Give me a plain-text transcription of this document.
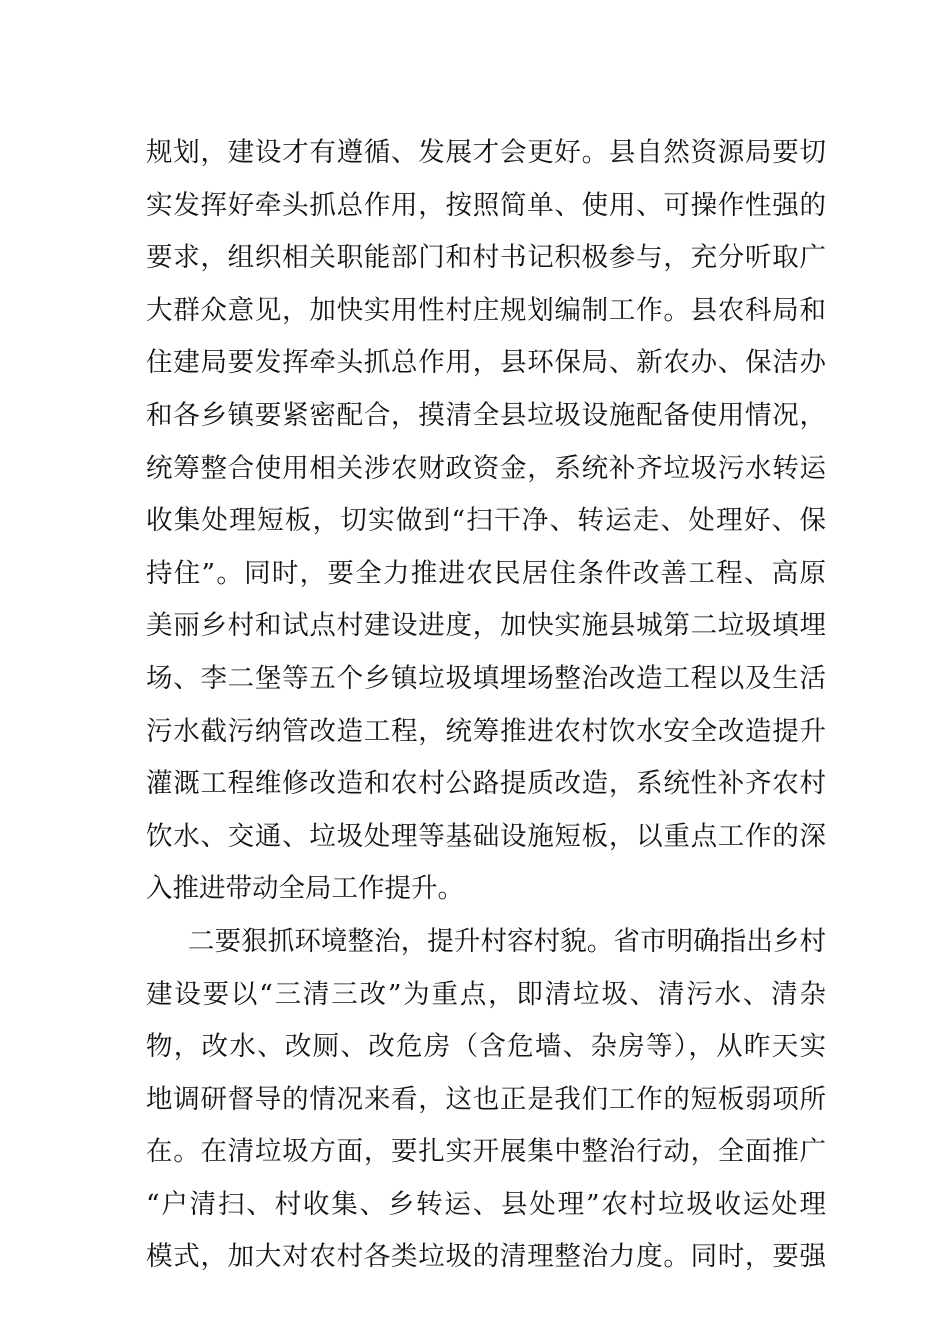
规划，建设才有遵循、发展才会更好。县自然资源局要切
实发挥好牵头抓总作用，按照简单、使用、可操作性强的
要求，组织相关职能部门和村书记积极参与，充分听取广
大群众意见，加快实用性村庄规划编制工作。县农科局和
住建局要发挥牵头抓总作用，县环保局、新农办、保洁办
和各乡镇要紧密配合，摸清全县垃圾设施配备使用情况，
统筹整合使用相关涉农财政资金，系统补齐垃圾污水转运
收集处理短板，切实做到“扫干净、转运走、处理好、保
持住”。同时，要全力推进农民居住条件改善工程、高原
美丽乡村和试点村建设进度，加快实施县城第二垃圾填埋
场、李二堡等五个乡镇垃圾填埋场整治改造工程以及生活
污水截污纳管改造工程，统筹推进农村饮水安全改造提升
灌溉工程维修改造和农村公路提质改造，系统性补齐农村
饮水、交通、垃圾处理等基础设施短板，以重点工作的深
入推进带动全局工作提升。
二要狠抓环境整治，提升村容村貌。省市明确指出乡村
建设要以“三清三改”为重点，即清垃圾、清污水、清杂
物，改水、改厕、改危房（含危墙、杂房等），从昨天实
地调研督导的情况来看，这也正是我们工作的短板弱项所
在。在清垃圾方面，要扎实开展集中整治行动，全面推广
“户清扫、村收集、乡转运、县处理”农村垃圾收运处理
模式，加大对农村各类垃圾的清理整治力度。同时，要强
